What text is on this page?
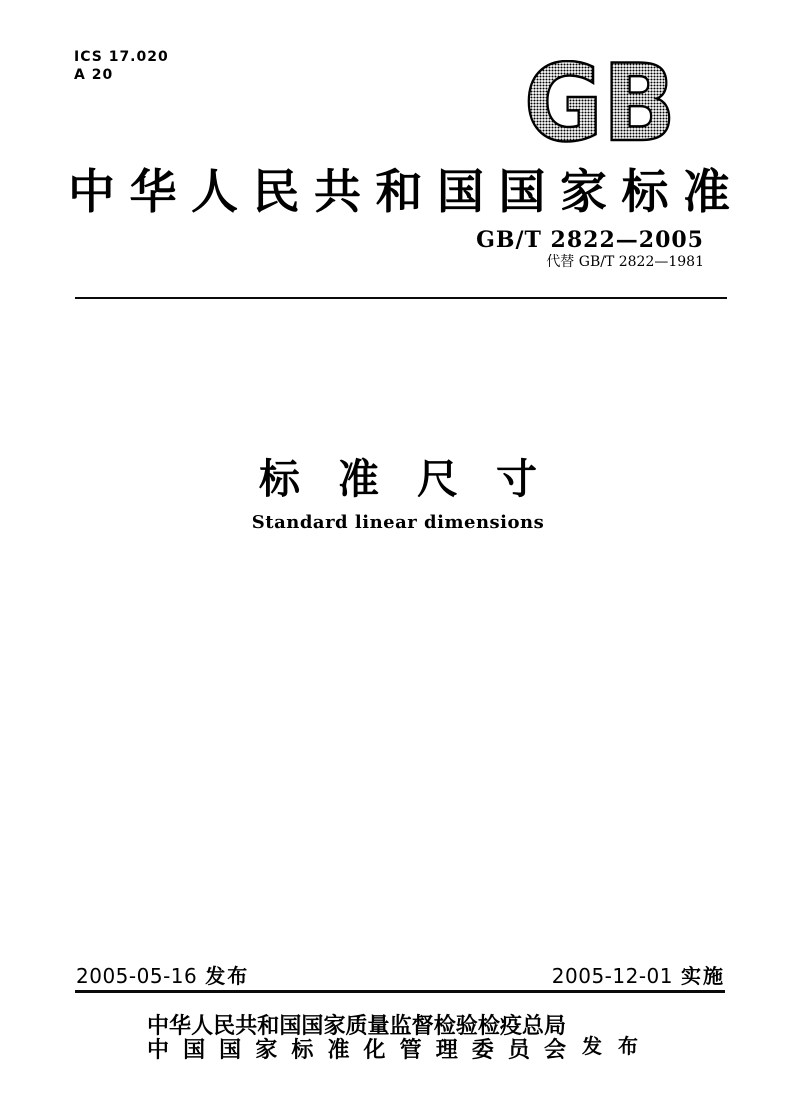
ICS 17.020
A 20	GB
中华人民共和国国家标准
GB/T 2822—2005
代替 GB/T 2822—1981
标准尺寸
Standard linear dimensions
2005-05-16 发布	2005-12-01 实施
中华人民共和国国家质量监督检验检疫总局
中国国家标准化管理委员会 发布
